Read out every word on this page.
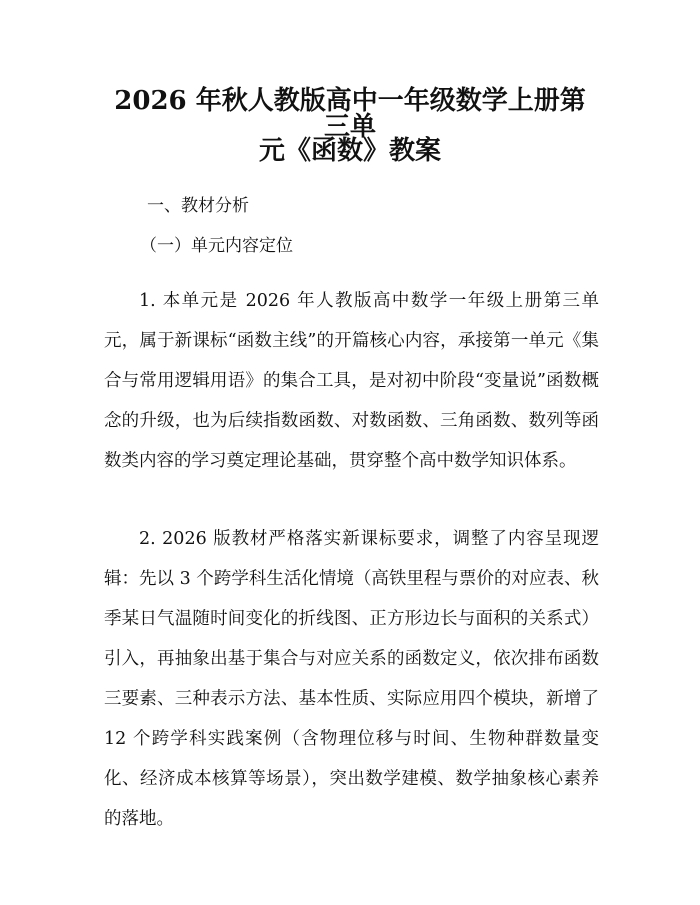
2026 年秋人教版高中一年级数学上册第三单
元《函数》教案

一、教材分析

（一）单元内容定位

1. 本单元是 2026 年人教版高中数学一年级上册第三单元，属于新课标“函数主线”的开篇核心内容，承接第一单元《集合与常用逻辑用语》的集合工具，是对初中阶段“变量说”函数概念的升级，也为后续指数函数、对数函数、三角函数、数列等函数类内容的学习奠定理论基础，贯穿整个高中数学知识体系。

2. 2026 版教材严格落实新课标要求，调整了内容呈现逻辑：先以 3 个跨学科生活化情境（高铁里程与票价的对应表、秋季某日气温随时间变化的折线图、正方形边长与面积的关系式）引入，再抽象出基于集合与对应关系的函数定义，依次排布函数三要素、三种表示方法、基本性质、实际应用四个模块，新增了 12 个跨学科实践案例（含物理位移与时间、生物种群数量变化、经济成本核算等场景），突出数学建模、数学抽象核心素养的落地。
